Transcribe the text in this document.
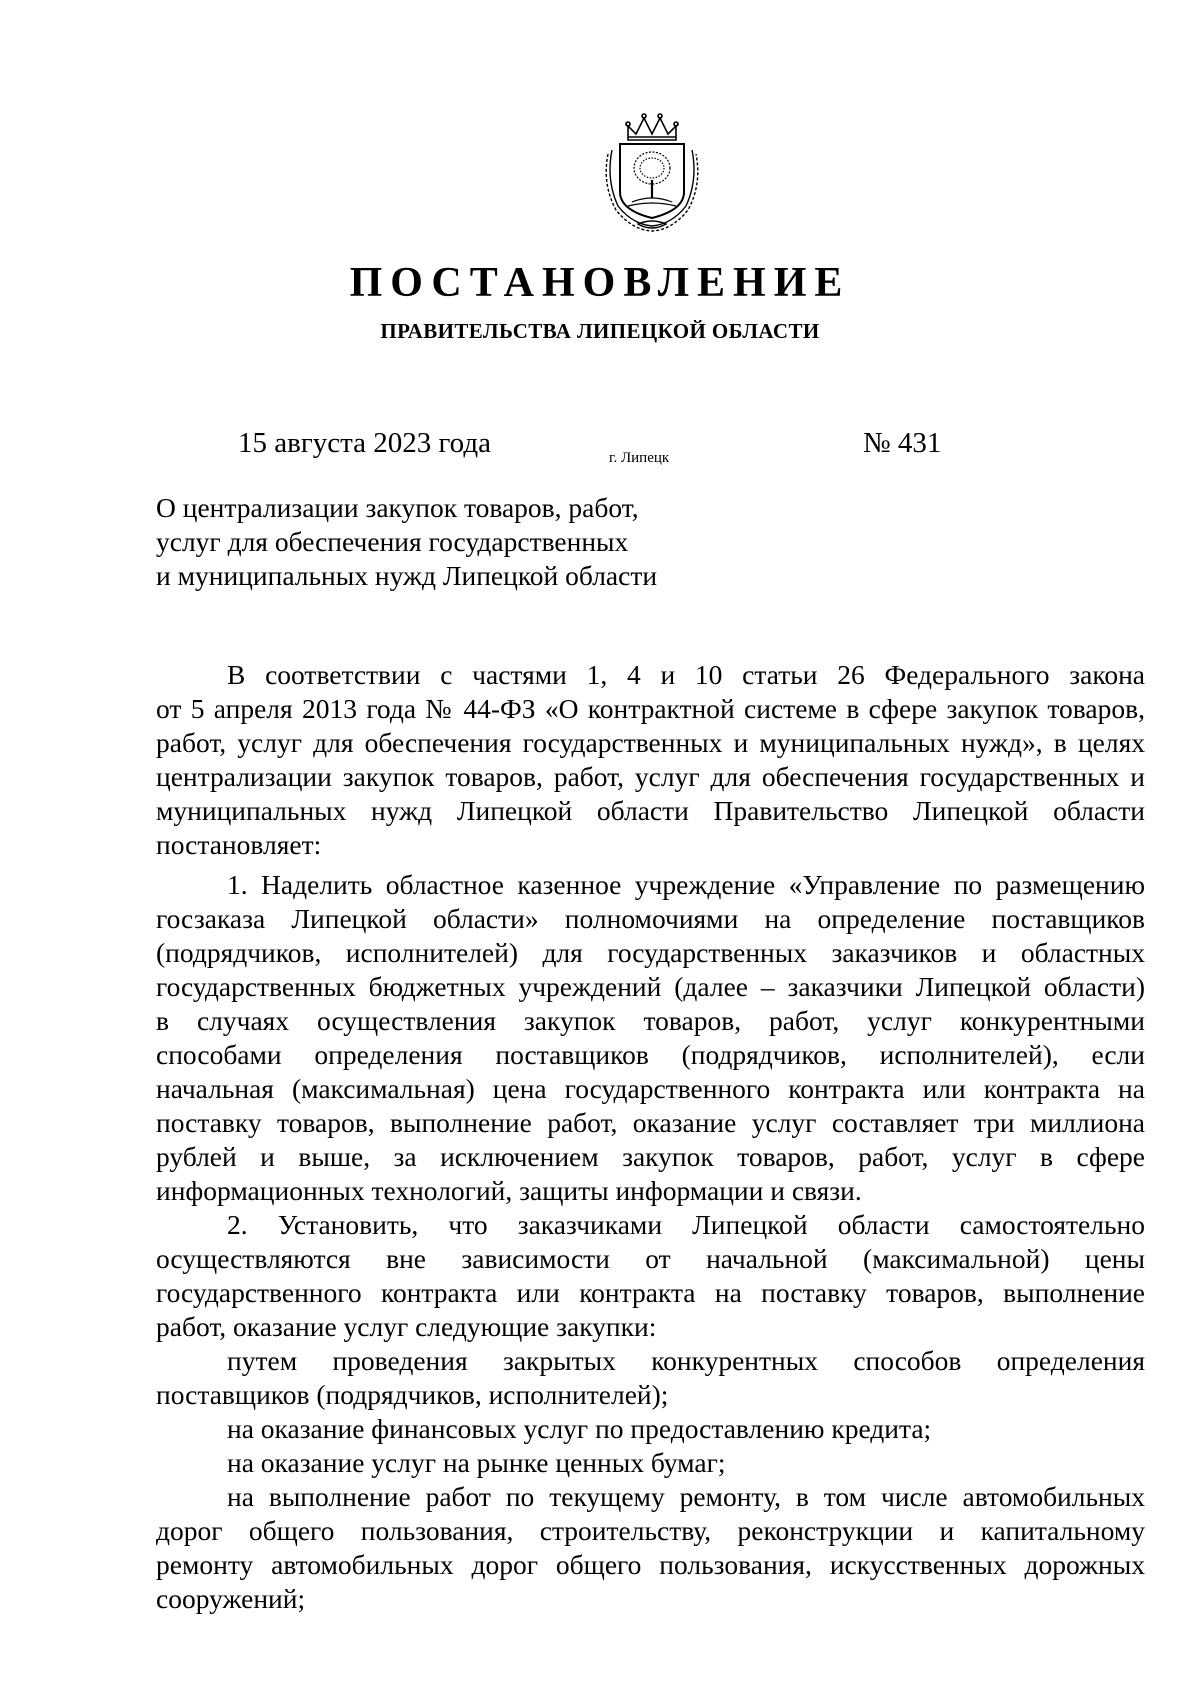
ПОСТАНОВЛЕНИЕ
ПРАВИТЕЛЬСТВА ЛИПЕЦКОЙ ОБЛАСТИ
15 августа 2023 года	г. Липецк	№ 431
О централизации закупок товаров, работ,
услуг для обеспечения государственных
и муниципальных нужд Липецкой области
В соответствии с частями 1, 4 и 10 статьи 26 Федерального закона
от 5 апреля 2013 года № 44-ФЗ «О контрактной системе в сфере закупок товаров,
работ, услуг для обеспечения государственных и муниципальных нужд», в целях
централизации закупок товаров, работ, услуг для обеспечения государственных и
муниципальных нужд Липецкой области Правительство Липецкой области
постановляет:
1. Наделить областное казенное учреждение «Управление по размещению
госзаказа Липецкой области» полномочиями на определение поставщиков
(подрядчиков, исполнителей) для государственных заказчиков и областных
государственных бюджетных учреждений (далее – заказчики Липецкой области)
в случаях осуществления закупок товаров, работ, услуг конкурентными
способами определения поставщиков (подрядчиков, исполнителей), если
начальная (максимальная) цена государственного контракта или контракта на
поставку товаров, выполнение работ, оказание услуг составляет три миллиона
рублей и выше, за исключением закупок товаров, работ, услуг в сфере
информационных технологий, защиты информации и связи.
2. Установить, что заказчиками Липецкой области самостоятельно
осуществляются вне зависимости от начальной (максимальной) цены
государственного контракта или контракта на поставку товаров, выполнение
работ, оказание услуг следующие закупки:
путем проведения закрытых конкурентных способов определения
поставщиков (подрядчиков, исполнителей);
на оказание финансовых услуг по предоставлению кредита;
на оказание услуг на рынке ценных бумаг;
на выполнение работ по текущему ремонту, в том числе автомобильных
дорог общего пользования, строительству, реконструкции и капитальному
ремонту автомобильных дорог общего пользования, искусственных дорожных
сооружений;
